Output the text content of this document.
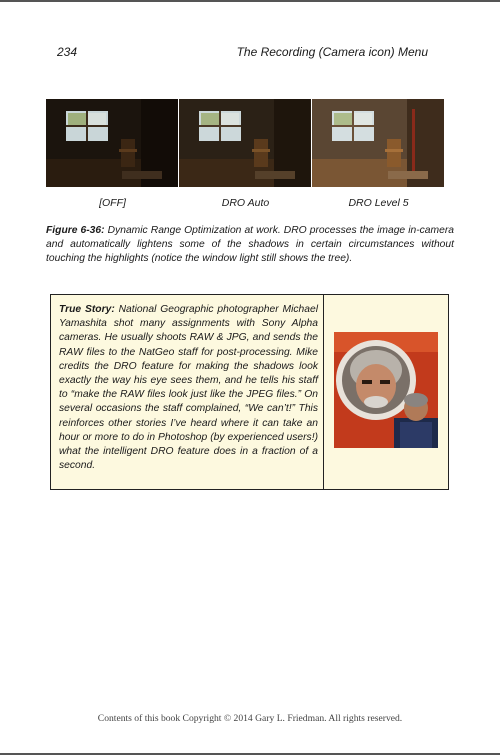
234	The Recording (Camera icon) Menu
[OFF]	DRO Auto	DRO Level 5
Figure 6-36: Dynamic Range Optimization at work. DRO processes the image in-camera and automatically lightens some of the shadows in certain circumstances without touching the highlights (notice the window light still shows the tree).
True Story: National Geographic photographer Michael Yamashita shot many assignments with Sony Alpha cameras. He usually shoots RAW & JPG, and sends the RAW files to the NatGeo staff for post-processing. Mike credits the DRO feature for making the shadows look exactly the way his eye sees them, and he tells his staff to “make the RAW files look just like the JPEG files.” On several occasions the staff complained, “We can’t!” This reinforces other stories I’ve heard where it can take an hour or more to do in Photoshop (by experienced users!) what the intelligent DRO feature does in a fraction of a second.
Contents of this book Copyright © 2014 Gary L. Friedman. All rights reserved.
